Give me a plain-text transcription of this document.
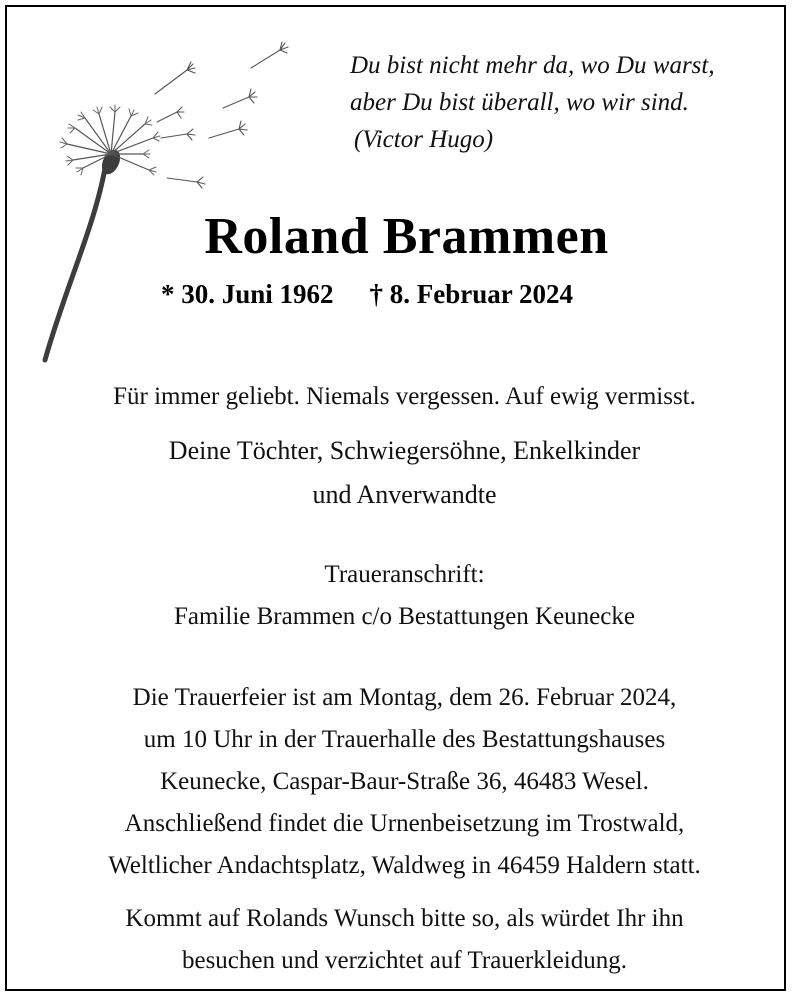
Du bist nicht mehr da, wo Du warst,
aber Du bist überall, wo wir sind.
(Victor Hugo)
Roland Brammen
* 30. Juni 1962 † 8. Februar 2024
Für immer geliebt. Niemals vergessen. Auf ewig vermisst.
Deine Töchter, Schwiegersöhne, Enkelkinder
und Anverwandte
Traueranschrift:
Familie Brammen c/o Bestattungen Keunecke
Die Trauerfeier ist am Montag, dem 26. Februar 2024,
um 10 Uhr in der Trauerhalle des Bestattungshauses
Keunecke, Caspar-Baur-Straße 36, 46483 Wesel.
Anschließend findet die Urnenbeisetzung im Trostwald,
Weltlicher Andachtsplatz, Waldweg in 46459 Haldern statt.
Kommt auf Rolands Wunsch bitte so, als würdet Ihr ihn
besuchen und verzichtet auf Trauerkleidung.
